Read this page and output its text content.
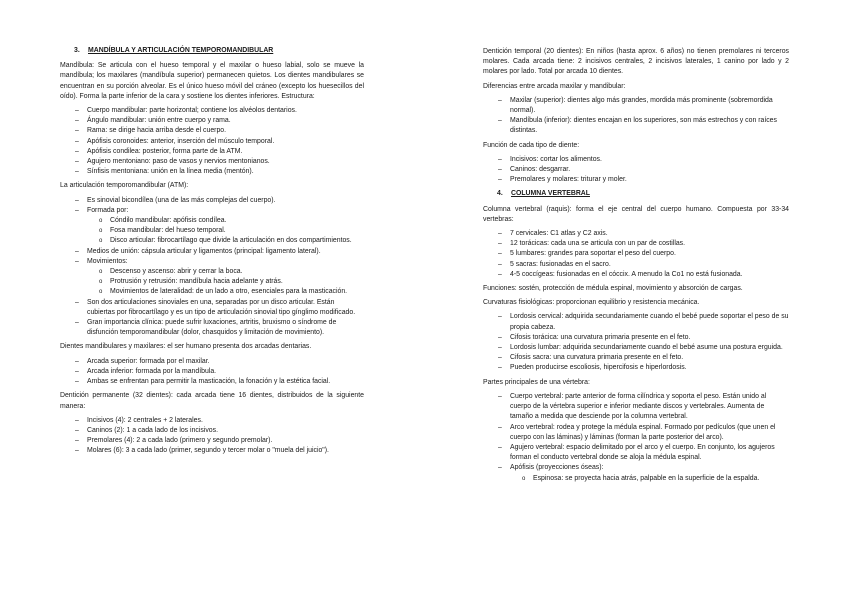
3. MANDÍBULA Y ARTICULACIÓN TEMPOROMANDIBULAR

Mandíbula: Se articula con el hueso temporal y el maxilar o hueso labial, solo se mueve la mandíbula; los maxilares (mandíbula superior) permanecen quietos. Los dientes mandibulares se encuentran en su porción alveolar. Es el único hueso móvil del cráneo (excepto los huesecillos del oído). Forma la parte inferior de la cara y sostiene los dientes inferiores. Estructura:

– Cuerpo mandibular: parte horizontal; contiene los alvéolos dentarios.
– Ángulo mandibular: unión entre cuerpo y rama.
– Rama: se dirige hacia arriba desde el cuerpo.
– Apófisis coronoides: anterior, inserción del músculo temporal.
– Apófisis condilea: posterior, forma parte de la ATM.
– Agujero mentoniano: paso de vasos y nervios mentonianos.
– Sínfisis mentoniana: unión en la línea media (mentón).

La articulación temporomandibular (ATM):

– Es sinovial bicondílea (una de las más complejas del cuerpo).
– Formada por:
o Cóndilo mandibular: apófisis condílea.
o Fosa mandibular: del hueso temporal.
o Disco articular: fibrocartílago que divide la articulación en dos compartimientos.
– Medios de unión: cápsula articular y ligamentos (principal: ligamento lateral).
– Movimientos:
o Descenso y ascenso: abrir y cerrar la boca.
o Protrusión y retrusión: mandíbula hacia adelante y atrás.
o Movimientos de lateralidad: de un lado a otro, esenciales para la masticación.
– Son dos articulaciones sinoviales en una, separadas por un disco articular. Están cubiertas por fibrocartílago y es un tipo de articulación sinovial tipo gínglimo modificado.
– Gran importancia clínica: puede sufrir luxaciones, artritis, bruxismo o síndrome de disfunción temporomandibular (dolor, chasquidos y limitación de movimiento).

Dientes mandibulares y maxilares: el ser humano presenta dos arcadas dentarias.

– Arcada superior: formada por el maxilar.
– Arcada inferior: formada por la mandíbula.
– Ambas se enfrentan para permitir la masticación, la fonación y la estética facial.

Dentición permanente (32 dientes): cada arcada tiene 16 dientes, distribuidos de la siguiente manera:

– Incisivos (4): 2 centrales + 2 laterales.
– Caninos (2): 1 a cada lado de los incisivos.
– Premolares (4): 2 a cada lado (primero y segundo premolar).
– Molares (6): 3 a cada lado (primer, segundo y tercer molar o "muela del juicio").

Dentición temporal (20 dientes): En niños (hasta aprox. 6 años) no tienen premolares ni terceros molares. Cada arcada tiene: 2 incisivos centrales, 2 incisivos laterales, 1 canino por lado y 2 molares por lado. Total por arcada 10 dientes.

Diferencias entre arcada maxilar y mandibular:

– Maxilar (superior): dientes algo más grandes, mordida más prominente (sobremordida normal).
– Mandíbula (inferior): dientes encajan en los superiores, son más estrechos y con raíces distintas.

Función de cada tipo de diente:

– Incisivos: cortar los alimentos.
– Caninos: desgarrar.
– Premolares y molares: triturar y moler.
4. COLUMNA VERTEBRAL

Columna vertebral (raquis): forma el eje central del cuerpo humano. Compuesta por 33-34 vertebras:

– 7 cervicales: C1 atlas y C2 axis.
– 12 torácicas: cada una se articula con un par de costillas.
– 5 lumbares: grandes para soportar el peso del cuerpo.
– 5 sacras: fusionadas en el sacro.
– 4-5 coccígeas: fusionadas en el cóccix. A menudo la Co1 no está fusionada.

Funciones: sostén, protección de médula espinal, movimiento y absorción de cargas.

Curvaturas fisiológicas: proporcionan equilibrio y resistencia mecánica.

– Lordosis cervical: adquirida secundariamente cuando el bebé puede soportar el peso de su propia cabeza.
– Cifosis torácica: una curvatura primaria presente en el feto.
– Lordosis lumbar: adquirida secundariamente cuando el bebé asume una postura erguida.
– Cifosis sacra: una curvatura primaria presente en el feto.
– Pueden producirse escoliosis, hipercifosis e hiperlordosis.

Partes principales de una vértebra:

– Cuerpo vertebral: parte anterior de forma cilíndrica y soporta el peso. Están unido al cuerpo de la vértebra superior e inferior mediante discos y vertebrales. Aumenta de tamaño a medida que desciende por la columna vertebral.
– Arco vertebral: rodea y protege la médula espinal. Formado por pedículos (que unen el cuerpo con las láminas) y láminas (forman la parte posterior del arco).
– Agujero vertebral: espacio delimitado por el arco y el cuerpo. En conjunto, los agujeros forman el conducto vertebral donde se aloja la médula espinal.
– Apófisis (proyecciones óseas):
o Espinosa: se proyecta hacia atrás, palpable en la superficie de la espalda.
